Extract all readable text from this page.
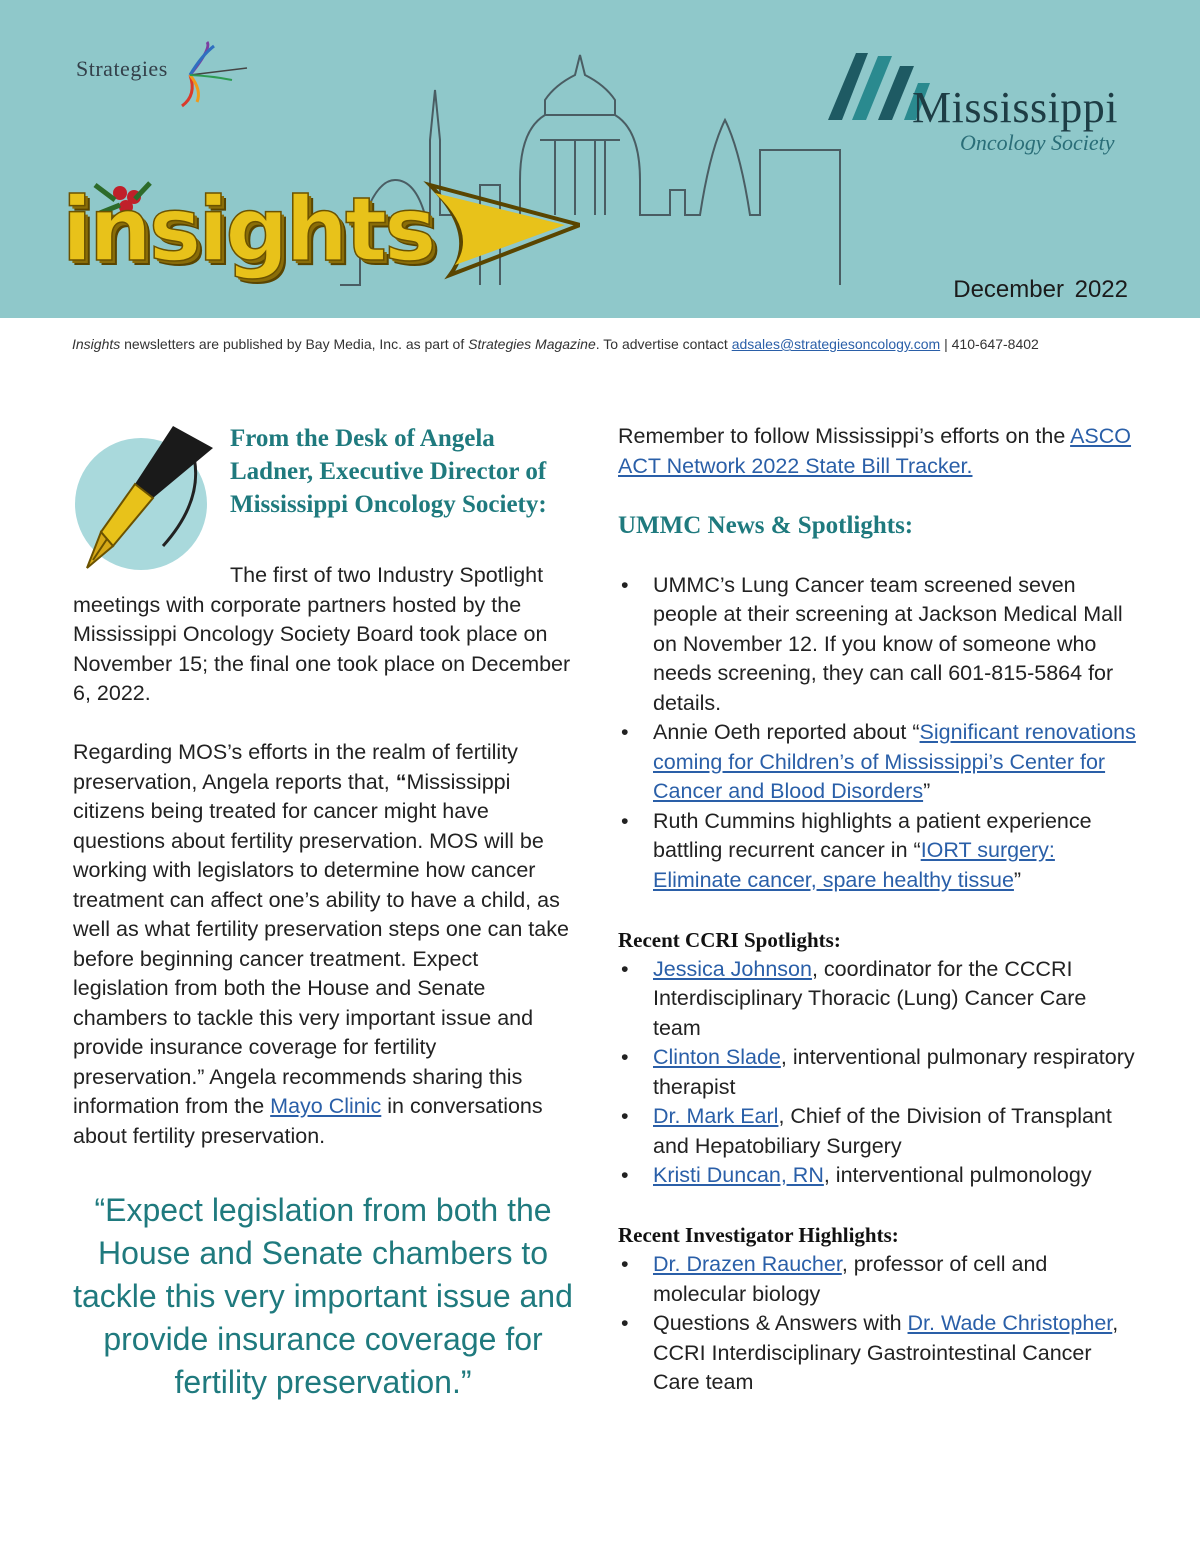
Strategies
Mississippi
Oncology Society
insights
December 2022
Insights newsletters are published by Bay Media, Inc. as part of Strategies Magazine. To advertise contact adsales@strategiesoncology.com | 410-647-8402
From the Desk of Angela Ladner, Executive Director of Mississippi Oncology Society:

The first of two Industry Spotlight meetings with corporate partners hosted by the Mississippi Oncology Society Board took place on November 15; the final one took place on December 6, 2022.

Regarding MOS’s efforts in the realm of fertility preservation, Angela reports that, “Mississippi citizens being treated for cancer might have questions about fertility preservation. MOS will be working with legislators to determine how cancer treatment can affect one’s ability to have a child, as well as what fertility preservation steps one can take before beginning cancer treatment. Expect legislation from both the House and Senate chambers to tackle this very important issue and provide insurance coverage for fertility preservation.” Angela recommends sharing this information from the Mayo Clinic in conversations about fertility preservation.

“Expect legislation from both the House and Senate chambers to tackle this very important issue and provide insurance coverage for fertility preservation.”

Remember to follow Mississippi’s efforts on the ASCO ACT Network 2022 State Bill Tracker.

UMMC News & Spotlights:
• UMMC’s Lung Cancer team screened seven people at their screening at Jackson Medical Mall on November 12. If you know of someone who needs screening, they can call 601-815-5864 for details.
• Annie Oeth reported about “Significant renovations coming for Children’s of Mississippi’s Center for Cancer and Blood Disorders”
• Ruth Cummins highlights a patient experience battling recurrent cancer in “IORT surgery: Eliminate cancer, spare healthy tissue”
Recent CCRI Spotlights:
• Jessica Johnson, coordinator for the CCCRI Interdisciplinary Thoracic (Lung) Cancer Care team
• Clinton Slade, interventional pulmonary respiratory therapist
• Dr. Mark Earl, Chief of the Division of Transplant and Hepatobiliary Surgery
• Kristi Duncan, RN, interventional pulmonology
Recent Investigator Highlights:
• Dr. Drazen Raucher, professor of cell and molecular biology
• Questions & Answers with Dr. Wade Christopher, CCRI Interdisciplinary Gastrointestinal Cancer Care team
